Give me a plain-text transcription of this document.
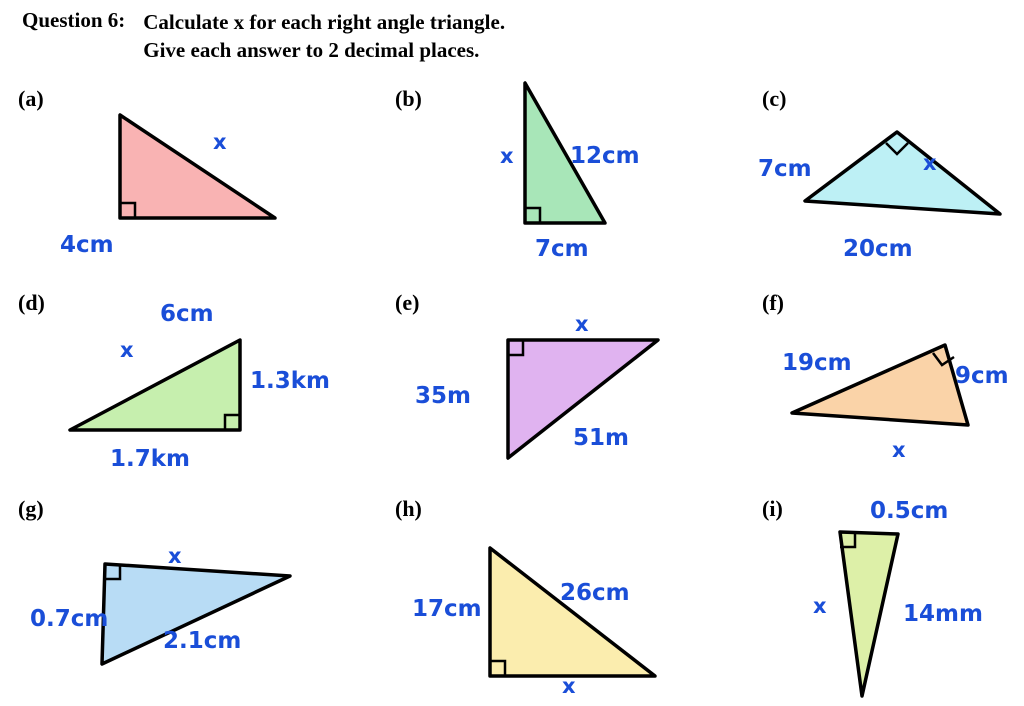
Question 6: Calculate x for each right angle triangle.
Give each answer to 2 decimal places.
(a)
4cm
6cm
x
(b)
x 12cm
7cm
(c)
7cm
20cm
x
(d)
x
1.3km
1.7km
(e)
x
35m
51m
(f)
19cm	9cm
x
(g)
x
0.7cm
2.1cm
(h)
17cm
26cm
x
(i)	0.5cm
x	14mm
